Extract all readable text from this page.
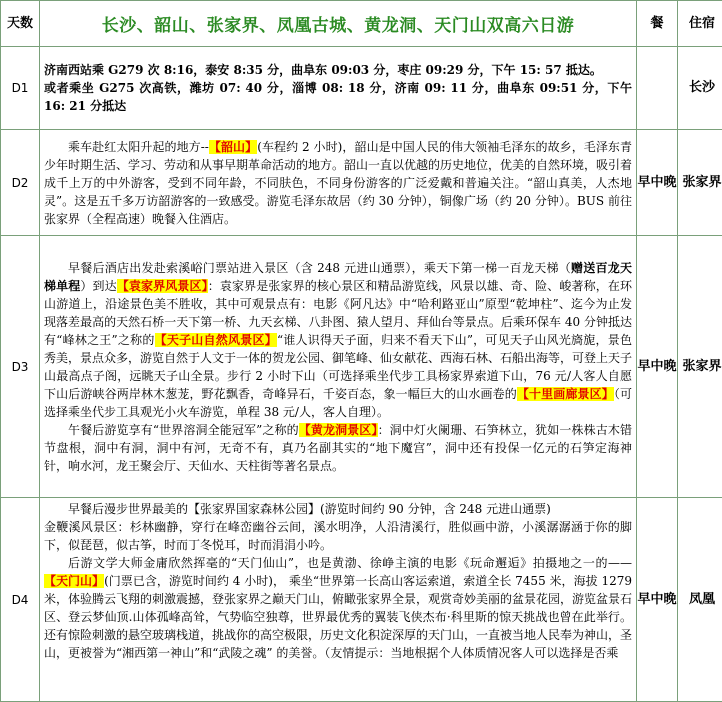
天数	长沙、韶山、张家界、凤凰古城、黄龙洞、天门山双高六日游	餐	住宿
D1	济南西站乘 G279 次 8:16，泰安 8:35 分，曲阜东 09:03 分，枣庄 09:29 分，下午 15: 57 抵达。

或者乘坐 G275 次高铁，潍坊 07: 40 分，淄博 08: 18 分，济南 09: 11 分，曲阜东 09:51 分，下午 16: 21 分抵达		长沙
D2	乘车赴红太阳升起的地方--【韶山】(车程约 2 小时)，韶山是中国人民的伟大领袖毛泽东的故乡，毛泽东青少年时期生活、学习、劳动和从事早期革命活动的地方。韶山一直以优越的历史地位，优美的自然环境，吸引着成千上万的中外游客，受到不同年龄，不同肤色，不同身份游客的广泛爱戴和普遍关注。“韶山真美，人杰地灵”。这是五千多万访韶游客的一致感受。游览毛泽东故居（约 30 分钟），铜像广场（约 20 分钟）。BUS 前往张家界（全程高速）晚餐入住酒店。	早中晚	张家界
D3	早餐后酒店出发赴索溪峪门票站进入景区（含 248 元进山通票），乘天下第一梯一百龙天梯（赠送百龙天梯单程）到达【袁家界风景区】：袁家界是张家界的核心景区和精品游览线，风景以雄、奇、险、峻著称，在环山游道上，沿途景色美不胜收，其中可观景点有：电影《阿凡达》中“哈利路亚山”原型“乾坤柱”、迄今为止发现落差最高的天然石桥一天下第一桥、九天玄梯、八卦图、猿人望月、拜仙台等景点。后乘环保车 40 分钟抵达有“峰林之王”之称的【天子山自然风景区】“谁人识得天子面，归来不看天下山”，可见天子山风光旖旎，景色秀美，景点众多，游览自然于人文于一体的贺龙公园、御笔峰、仙女献花、西海石林、石船出海等，可登上天子山最高点子阁，远眺天子山全景。步行 2 小时下山（可选择乘坐代步工具杨家界索道下山，76 元/人客人自愿下山后游峡谷两岸林木葱茏，野花飘香，奇峰异石，千姿百态，象一幅巨大的山水画卷的【十里画廊景区】（可选择乘坐代步工具观光小火车游览，单程 38 元/人，客人自理）。

午餐后游览享有“世界溶洞全能冠军”之称的【黄龙洞景区】：洞中灯火阑珊、石笋林立，犹如一株株古木错节盘根，洞中有洞，洞中有河，无奇不有，真乃名副其实的“地下魔宫”，洞中还有投保一亿元的石笋定海神针，响水河，龙王聚会厅、天仙水、天柱街等著名景点。	早中晚	张家界
D4	早餐后漫步世界最美的【张家界国家森林公园】(游览时间约 90 分钟，含 248 元进山通票)

金鞭溪风景区：杉林幽静，穿行在峰峦幽谷云间，溪水明净，人沿清溪行，胜似画中游，小溪潺潺涵于你的脚下，似琵琶，似古筝，时而丁冬悦耳，时而涓涓小吟。

后游文学大师金庸欣然挥毫的“天门仙山”，也是黄渤、徐峥主演的电影《玩命邂逅》拍摄地之一的——【天门山】(门票已含，游览时间约 4 小时)， 乘坐“世界第一长高山客运索道，索道全长 7455 米，海拔 1279 米，体验腾云飞翔的刺激震撼，登张家界之巅天门山，俯瞰张家界全景，观赏奇妙美丽的盆景花园，游览盆景石区、登云梦仙顶.山体孤峰高耸，气势临空独尊，世界最优秀的翼装飞侠杰布·科里斯的惊天挑战也曾在此举行。还有惊险刺激的悬空玻璃栈道，挑战你的高空极限，历史文化积淀深厚的天门山，一直被当地人民奉为神山，圣山，更被誉为“湘西第一神山”和“武陵之魂” 的美誉。（友情提示：当地根据个人体质情况客人可以选择是否乘	早中晚	凤凰
